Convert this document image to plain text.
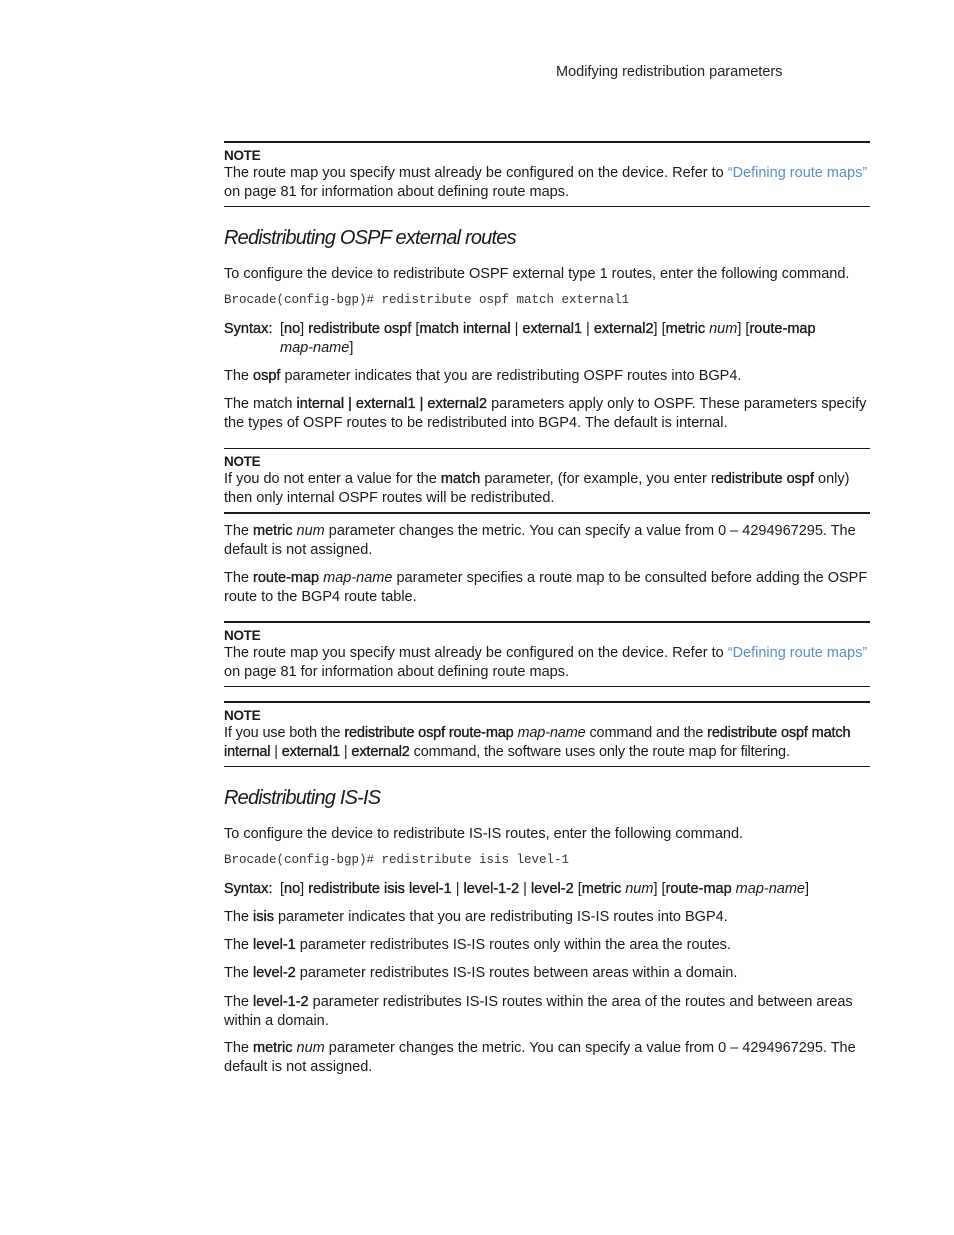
Modifying redistribution parameters
NOTE

The route map you specify must already be configured on the device. Refer to “Defining route maps”
on page 81 for information about defining route maps.

Redistributing OSPF external routes

To configure the device to redistribute OSPF external type 1 routes, enter the following command.

Brocade(config-bgp)# redistribute ospf match external1

Syntax: [no] redistribute ospf [match internal | external1 | external2] [metric num] [route-map
map-name]

The ospf parameter indicates that you are redistributing OSPF routes into BGP4.

The match internal | external1 | external2 parameters apply only to OSPF. These parameters specify the types of OSPF routes to be redistributed into BGP4. The default is internal.

NOTE

If you do not enter a value for the match parameter, (for example, you enter redistribute ospf only) then only internal OSPF routes will be redistributed.

The metric num parameter changes the metric. You can specify a value from 0 – 4294967295. The default is not assigned.

The route-map map-name parameter specifies a route map to be consulted before adding the OSPF route to the BGP4 route table.

NOTE

The route map you specify must already be configured on the device. Refer to “Defining route maps”
on page 81 for information about defining route maps.

NOTE

If you use both the redistribute ospf route-map map-name command and the redistribute ospf match internal | external1 | external2 command, the software uses only the route map for filtering.

Redistributing IS-IS

To configure the device to redistribute IS-IS routes, enter the following command.

Brocade(config-bgp)# redistribute isis level-1

Syntax: [no] redistribute isis level-1 | level-1-2 | level-2 [metric num] [route-map map-name]

The isis parameter indicates that you are redistributing IS-IS routes into BGP4.

The level-1 parameter redistributes IS-IS routes only within the area the routes.

The level-2 parameter redistributes IS-IS routes between areas within a domain.

The level-1-2 parameter redistributes IS-IS routes within the area of the routes and between areas within a domain.

The metric num parameter changes the metric. You can specify a value from 0 – 4294967295. The default is not assigned.
